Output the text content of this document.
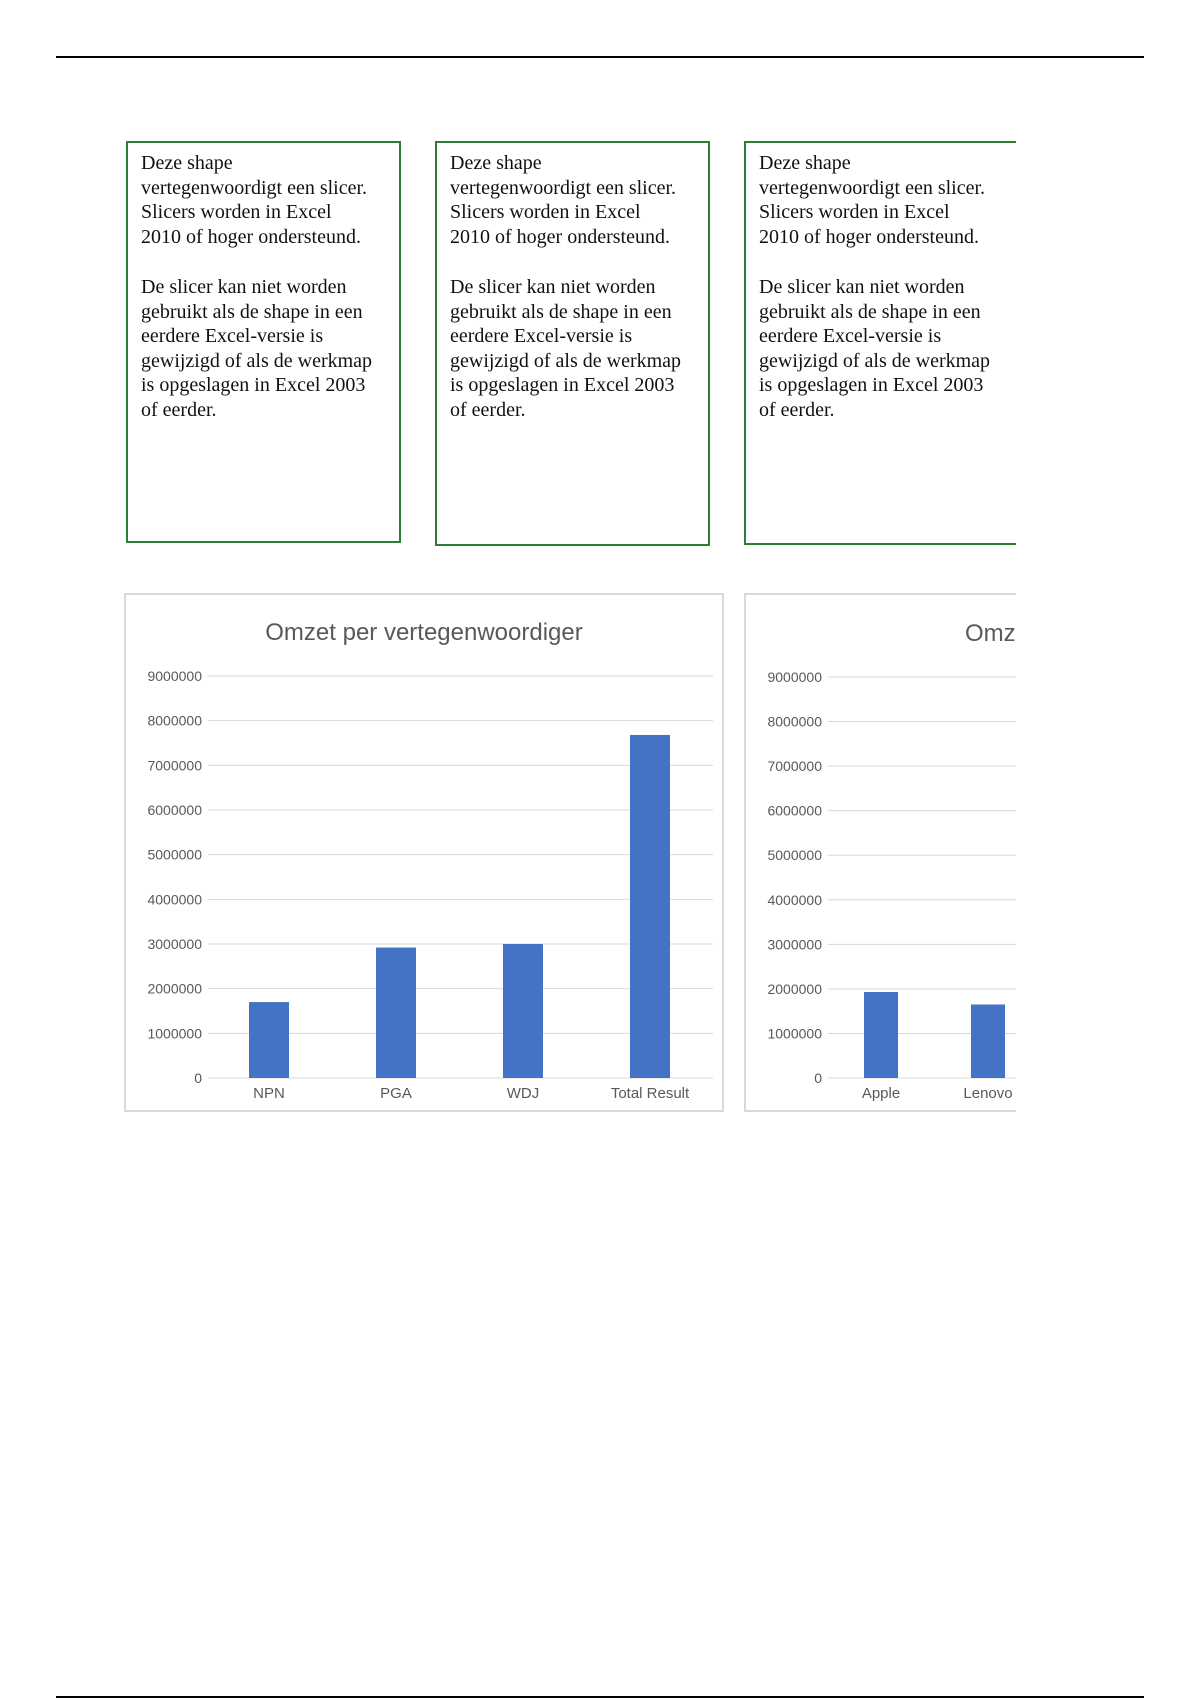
Deze shape
vertegenwoordigt een slicer.
Slicers worden in Excel
2010 of hoger ondersteund.

De slicer kan niet worden
gebruikt als de shape in een
eerdere Excel-versie is
gewijzigd of als de werkmap
is opgeslagen in Excel 2003
of eerder.

Deze shape
vertegenwoordigt een slicer.
Slicers worden in Excel
2010 of hoger ondersteund.

De slicer kan niet worden
gebruikt als de shape in een
eerdere Excel-versie is
gewijzigd of als de werkmap
is opgeslagen in Excel 2003
of eerder.

Deze shape
vertegenwoordigt een slicer.
Slicers worden in Excel
2010 of hoger ondersteund.

De slicer kan niet worden
gebruikt als de shape in een
eerdere Excel-versie is
gewijzigd of als de werkmap
is opgeslagen in Excel 2003
of eerder.

Omzet per vertegenwoordiger
0
1000000
2000000
3000000
4000000
5000000
6000000
7000000
8000000
9000000
NPN	PGA	WDJ	Total Result
Omz
0
1000000
2000000
3000000
4000000
5000000
6000000
7000000
8000000
9000000
Apple	Lenovo
